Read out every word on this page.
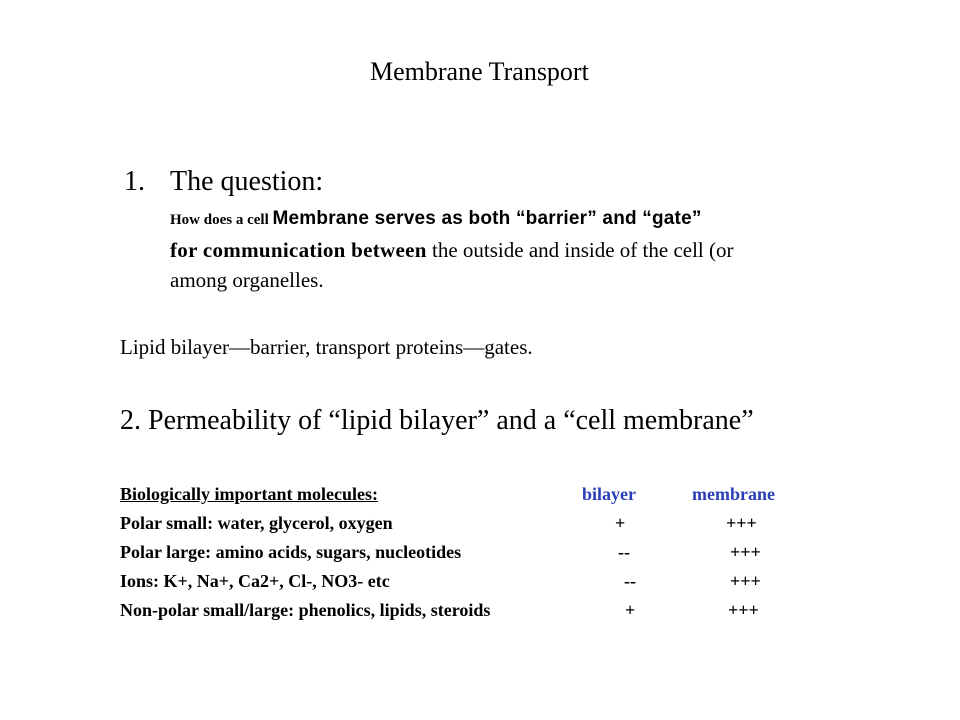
Membrane Transport
1. The question:
How does a cell Membrane serves as both “barrier” and “gate”
for communication between the outside and inside of the cell (or
among organelles.
Lipid bilayer—barrier, transport proteins—gates.
2. Permeability of “lipid bilayer” and a “cell membrane”
Biologically important molecules:	bilayer	membrane
Polar small: water, glycerol, oxygen	+	+++
Polar large: amino acids, sugars, nucleotides	--	+++
Ions: K+, Na+, Ca2+, Cl-, NO3- etc	--	+++
Non-polar small/large: phenolics, lipids, steroids	+	+++
